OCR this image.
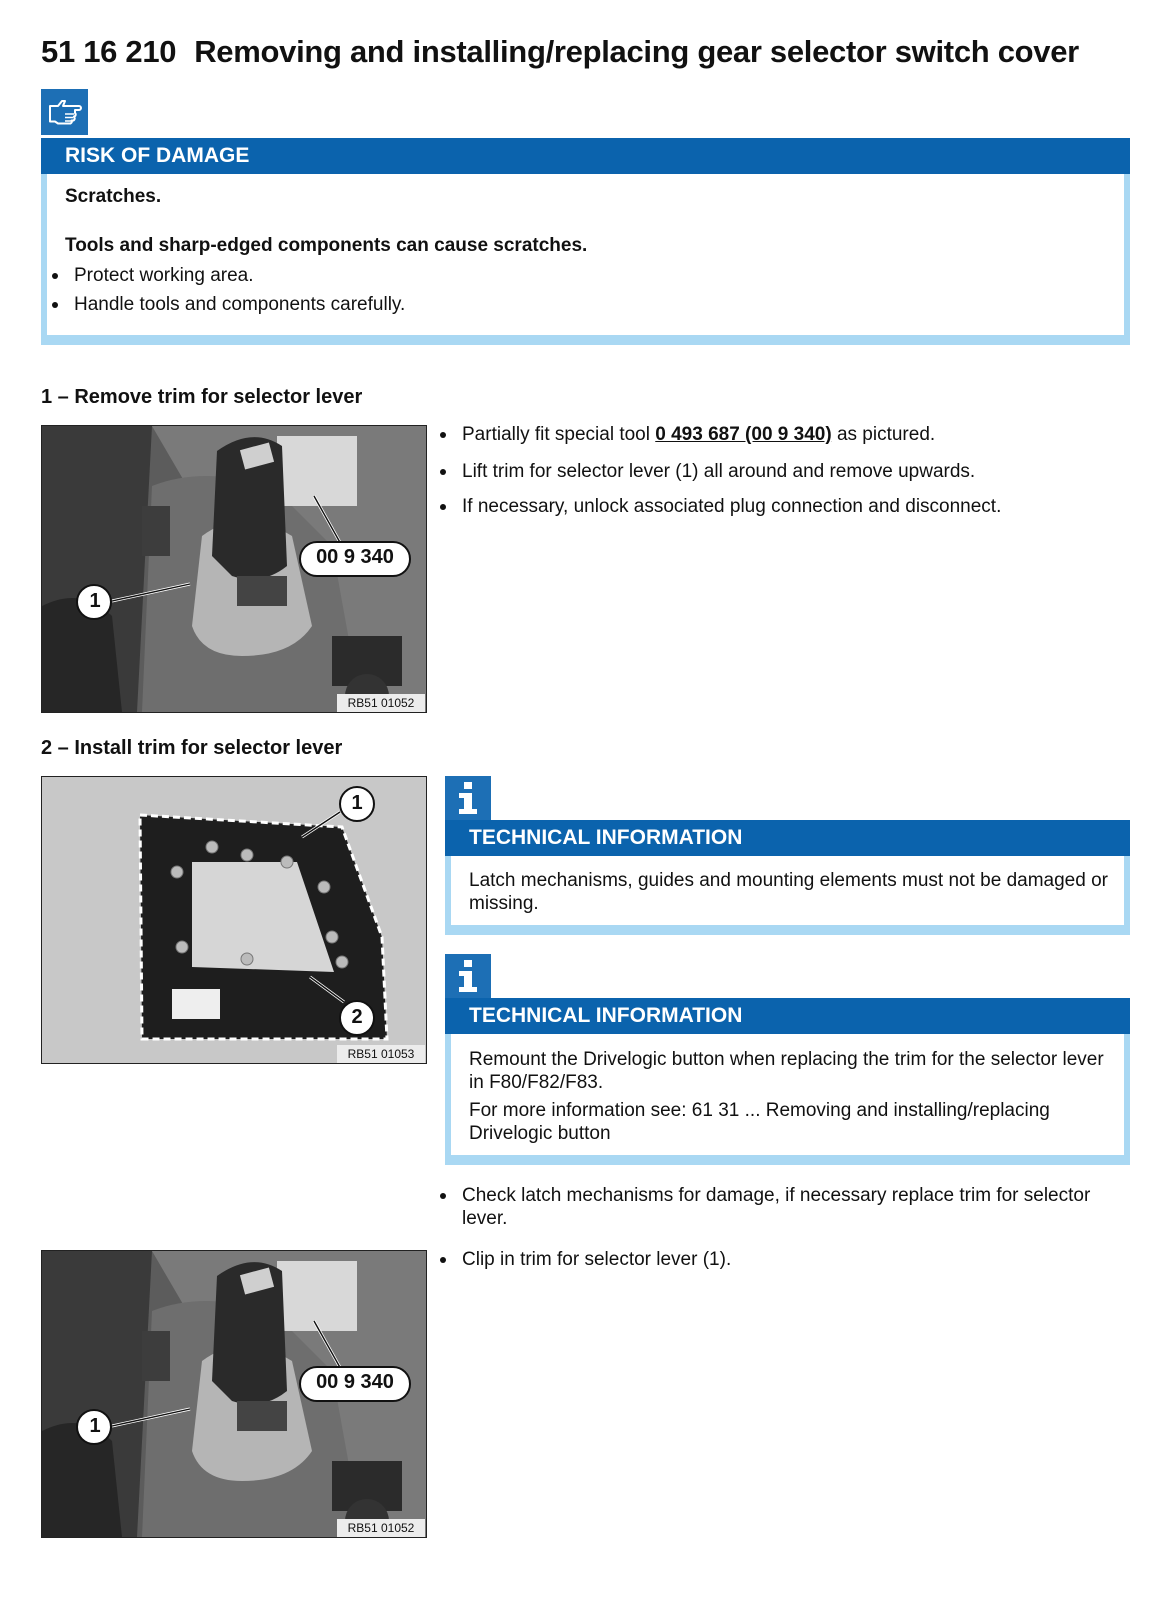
51 16 210 Removing and installing/replacing gear selector switch cover
RISK OF DAMAGE
Scratches.
Tools and sharp-edged components can cause scratches.
Protect working area.
Handle tools and components carefully.
1 – Remove trim for selector lever
1
00 9 340
RB51 01052
Partially fit special tool 0 493 687 (00 9 340) as pictured.
Lift trim for selector lever (1) all around and remove upwards.
If necessary, unlock associated plug connection and disconnect.
2 – Install trim for selector lever
1
2
RB51 01053
TECHNICAL INFORMATION
Latch mechanisms, guides and mounting elements must not be damaged or missing.
TECHNICAL INFORMATION
Remount the Drivelogic button when replacing the trim for the selector lever in F80/F82/F83.
For more information see: 61 31 ... Removing and installing/replacing Drivelogic button
Check latch mechanisms for damage, if necessary replace trim for selector lever.
Clip in trim for selector lever (1).
1
00 9 340
RB51 01052
